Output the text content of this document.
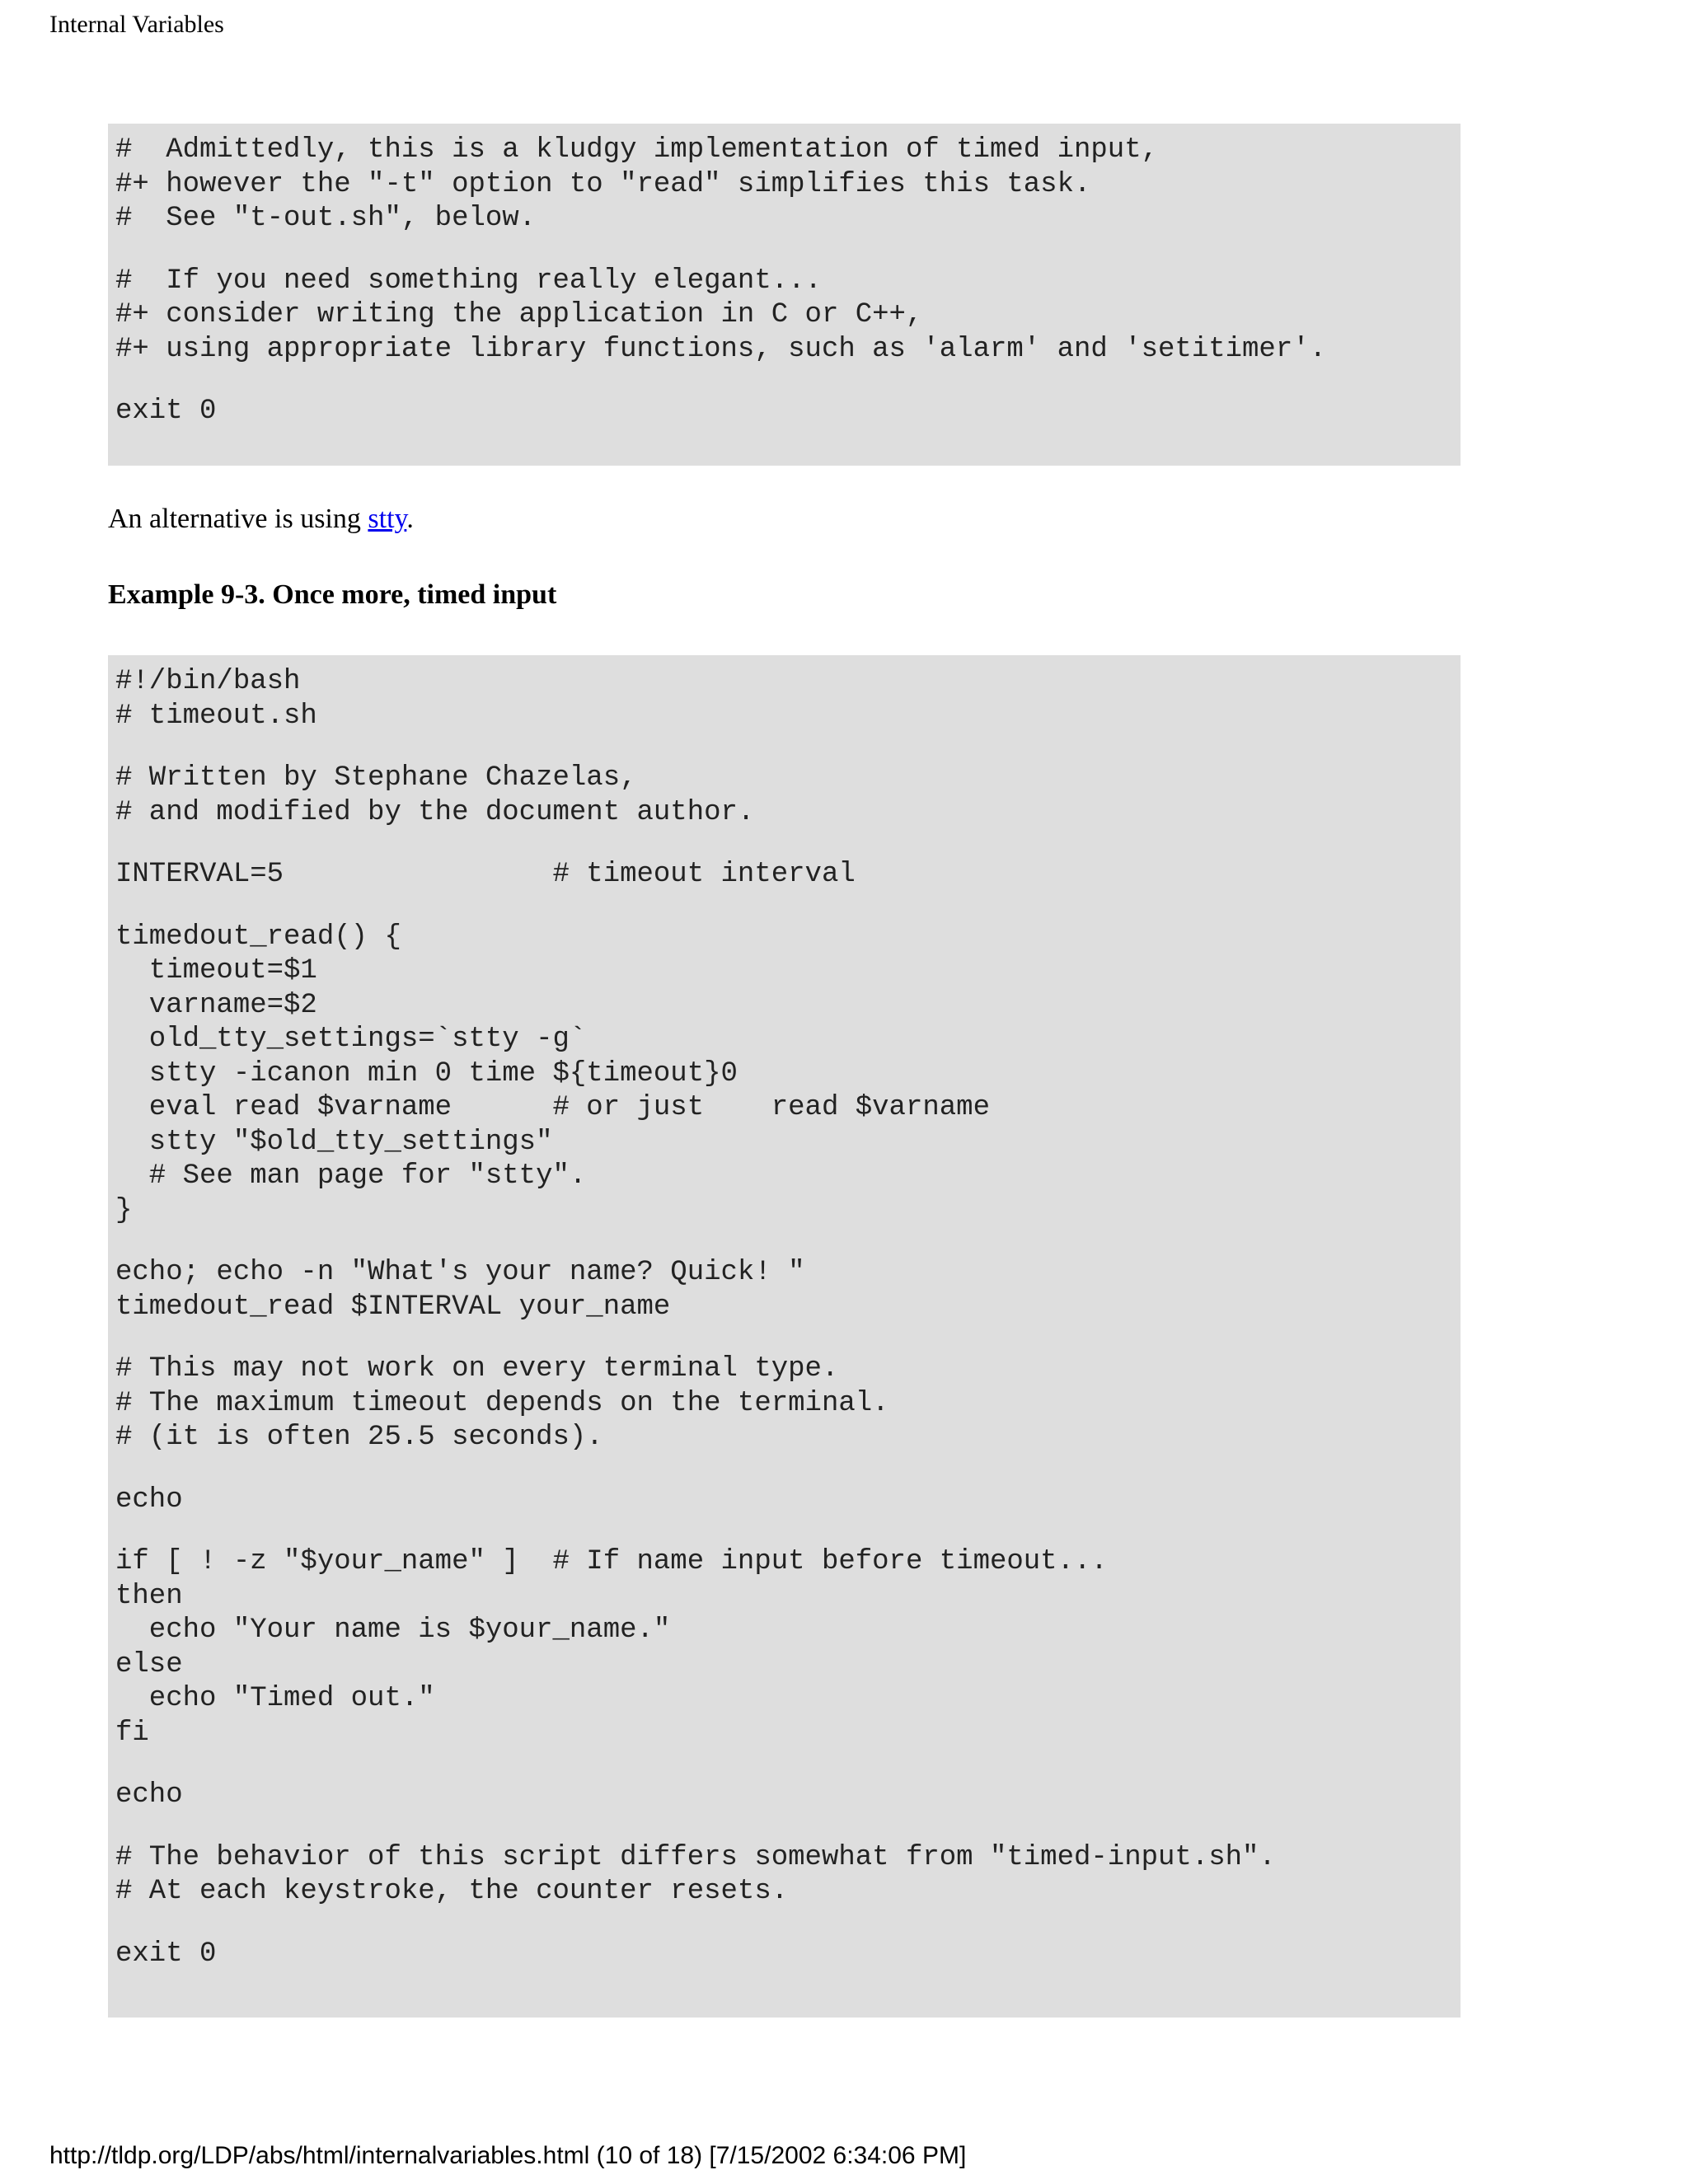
Internal Variables
#  Admittedly, this is a kludgy implementation of timed input,
#+ however the "-t" option to "read" simplifies this task.
#  See "t-out.sh", below.
#  If you need something really elegant...
#+ consider writing the application in C or C++,
#+ using appropriate library functions, such as 'alarm' and 'setitimer'.
exit 0
An alternative is using stty.
Example 9-3. Once more, timed input
#!/bin/bash
# timeout.sh
# Written by Stephane Chazelas,
# and modified by the document author.
INTERVAL=5                # timeout interval
timedout_read() {
timeout=$1
varname=$2
old_tty_settings=`stty -g`
stty -icanon min 0 time ${timeout}0
eval read $varname      # or just    read $varname
stty "$old_tty_settings"
# See man page for "stty".
}
echo; echo -n "What's your name? Quick! "
timedout_read $INTERVAL your_name
# This may not work on every terminal type.
# The maximum timeout depends on the terminal.
# (it is often 25.5 seconds).
echo
if [ ! -z "$your_name" ]  # If name input before timeout...
then
echo "Your name is $your_name."
else
echo "Timed out."
fi
echo
# The behavior of this script differs somewhat from "timed-input.sh".
# At each keystroke, the counter resets.
exit 0
http://tldp.org/LDP/abs/html/internalvariables.html (10 of 18) [7/15/2002 6:34:06 PM]
